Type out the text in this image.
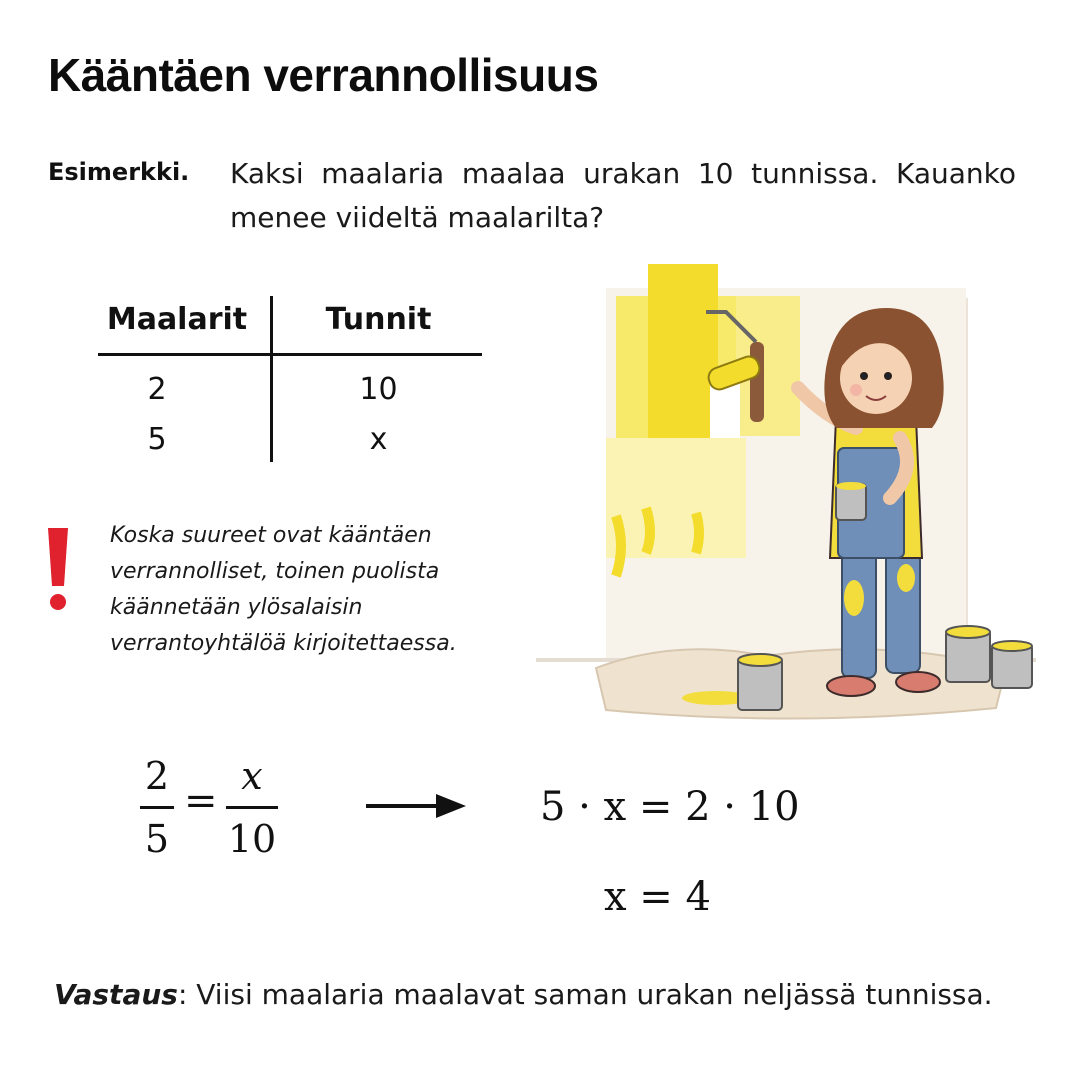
Kääntäen verrannollisuus
Esimerkki. Kaksi maalaria maalaa urakan 10 tunnissa. Kauanko menee viideltä maalarilta?
Maalarit	Tunnit
2	10
5	x
Koska suureet ovat kääntäen verrannolliset, toinen puolista käännetään ylösalaisin verrantoyhtälöä kirjoitettaessa.
2
5
=
x
10
5 · x = 2 · 10
x = 4
Vastaus: Viisi maalaria maalavat saman urakan neljässä tunnissa.
